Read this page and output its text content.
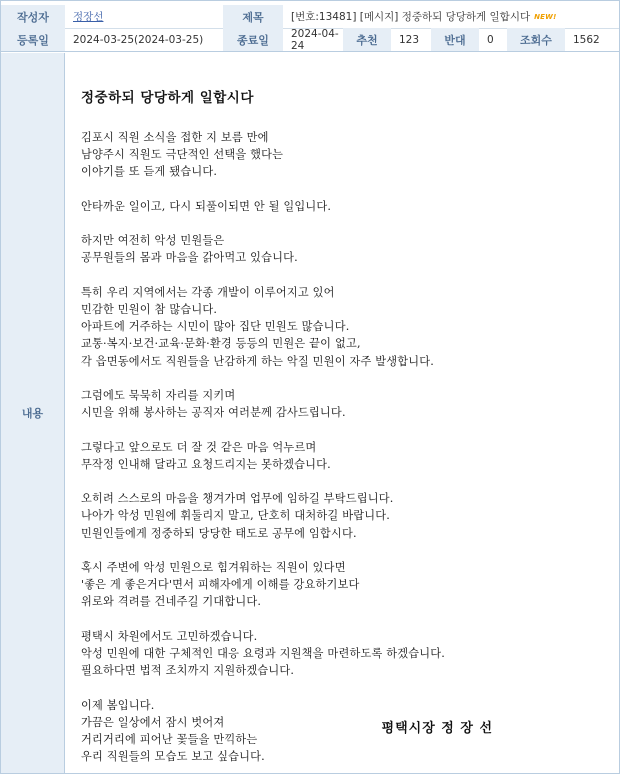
작성자	정장선	제목	[번호:13481] [메시지] 정중하되 당당하게 일합시다 NEW!
등록일	2024-03-25(2024-03-25)	종료일	2024-04-24	추천	123	반대	0	조회수	1562
내용
정중하되 당당하게 일합시다

김포시 직원 소식을 접한 지 보름 만에
남양주시 직원도 극단적인 선택을 했다는
이야기를 또 듣게 됐습니다.

안타까운 일이고, 다시 되풀이되면 안 될 일입니다.

하지만 여전히 악성 민원들은
공무원들의 몸과 마음을 갉아먹고 있습니다.

특히 우리 지역에서는 각종 개발이 이루어지고 있어
민감한 민원이 참 많습니다.
아파트에 거주하는 시민이 많아 집단 민원도 많습니다.
교통·복지·보건·교육·문화·환경 등등의 민원은 끝이 없고,
각 읍면동에서도 직원들을 난감하게 하는 악질 민원이 자주 발생합니다.

그럼에도 묵묵히 자리를 지키며
시민을 위해 봉사하는 공직자 여러분께 감사드립니다.

그렇다고 앞으로도 더 잘 것 같은 마음 억누르며
무작정 인내해 달라고 요청드리지는 못하겠습니다.

오히려 스스로의 마음을 챙겨가며 업무에 임하길 부탁드립니다.
나아가 악성 민원에 휘둘리지 말고, 단호히 대처하길 바랍니다.
민원인들에게 정중하되 당당한 태도로 공무에 임합시다.

혹시 주변에 악성 민원으로 힘겨워하는 직원이 있다면
'좋은 게 좋은거다'면서 피해자에게 이해를 강요하기보다
위로와 격려를 건네주길 기대합니다.

평택시 차원에서도 고민하겠습니다.
악성 민원에 대한 구체적인 대응 요령과 지원책을 마련하도록 하겠습니다.
필요하다면 법적 조치까지 지원하겠습니다.

이제 봄입니다.
가끔은 일상에서 잠시 벗어져
거리거리에 피어난 꽃들을 만끽하는
우리 직원들의 모습도 보고 싶습니다.

평택시장 정 장 선
